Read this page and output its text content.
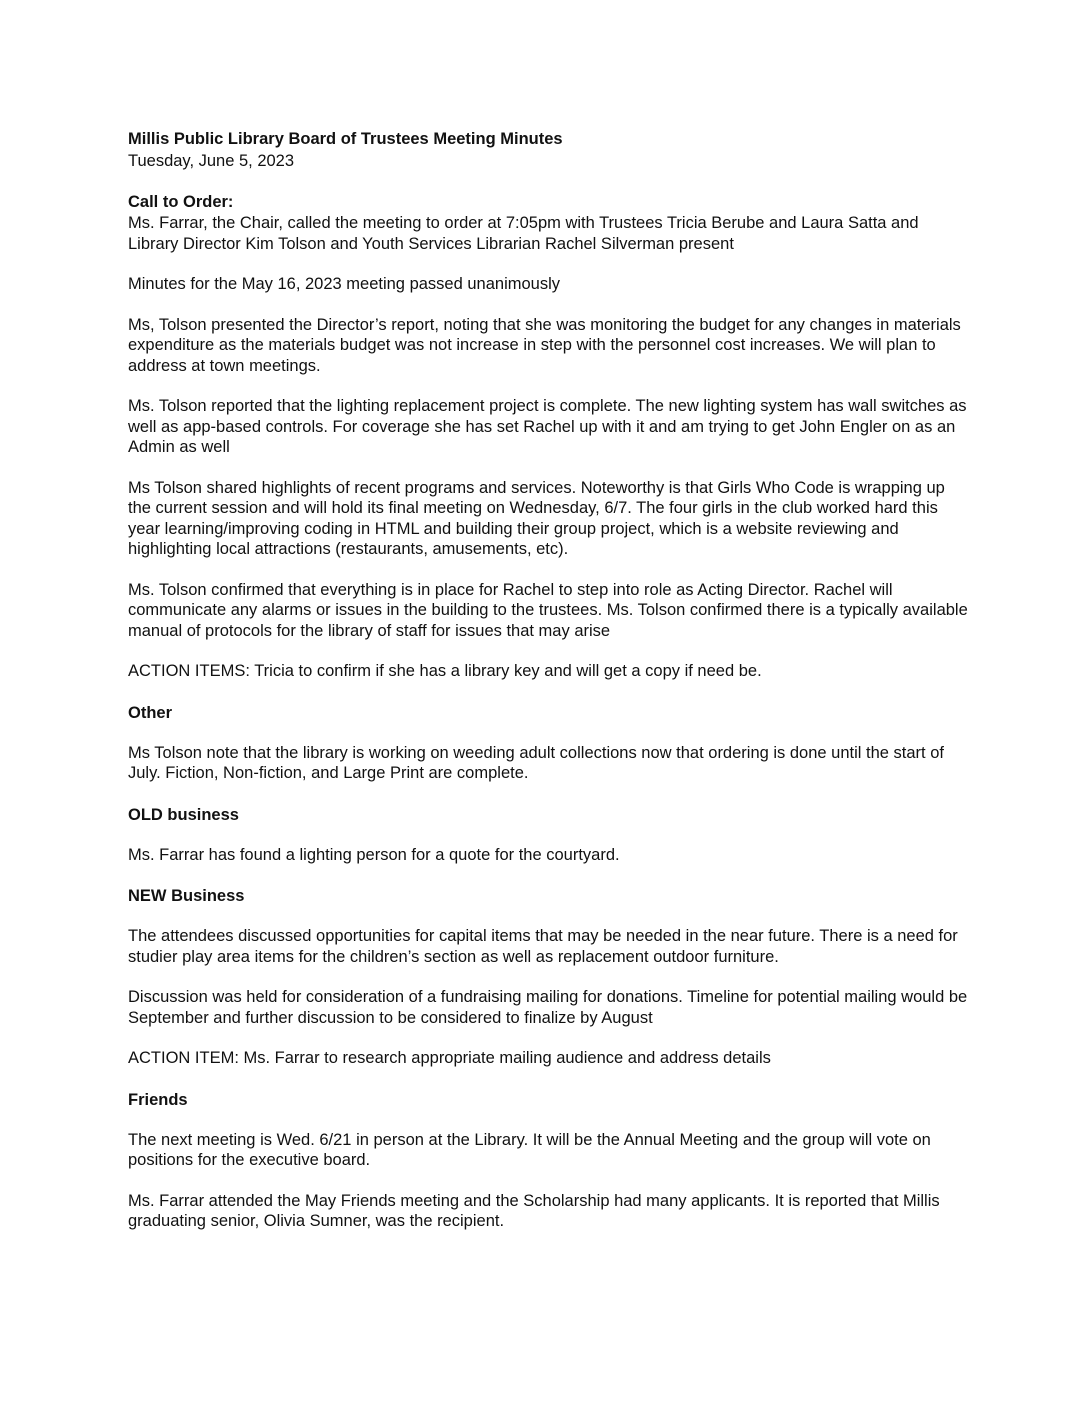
Millis Public Library Board of Trustees Meeting Minutes

Tuesday, June 5, 2023

Call to Order:

Ms. Farrar, the Chair, called the meeting to order at 7:05pm with Trustees Tricia Berube and Laura Satta and Library Director Kim Tolson and Youth Services Librarian Rachel Silverman present

Minutes for the May 16, 2023 meeting passed unanimously

Ms, Tolson presented the Director’s report, noting that she was monitoring the budget for any changes in materials expenditure as the materials budget was not increase in step with the personnel cost increases. We will plan to address at town meetings.

Ms. Tolson reported that the lighting replacement project is complete. The new lighting system has wall switches as well as app-based controls. For coverage she has set Rachel up with it and am trying to get John Engler on as an Admin as well

Ms Tolson shared highlights of recent programs and services. Noteworthy is that Girls Who Code is wrapping up the current session and will hold its final meeting on Wednesday, 6/7. The four girls in the club worked hard this year learning/improving coding in HTML and building their group project, which is a website reviewing and highlighting local attractions (restaurants, amusements, etc).

Ms. Tolson confirmed that everything is in place for Rachel to step into role as Acting Director. Rachel will communicate any alarms or issues in the building to the trustees. Ms. Tolson confirmed there is a typically available manual of protocols for the library of staff for issues that may arise

ACTION ITEMS: Tricia to confirm if she has a library key and will get a copy if need be.

Other

Ms Tolson note that the library is working on weeding adult collections now that ordering is done until the start of July. Fiction, Non-fiction, and Large Print are complete.

OLD business

Ms. Farrar has found a lighting person for a quote for the courtyard.

NEW Business

The attendees discussed opportunities for capital items that may be needed in the near future. There is a need for studier play area items for the children’s section as well as replacement outdoor furniture.

Discussion was held for consideration of a fundraising mailing for donations. Timeline for potential mailing would be September and further discussion to be considered to finalize by August

ACTION ITEM: Ms. Farrar to research appropriate mailing audience and address details

Friends

The next meeting is Wed. 6/21 in person at the Library. It will be the Annual Meeting and the group will vote on positions for the executive board.

Ms. Farrar attended the May Friends meeting and the Scholarship had many applicants. It is reported that Millis graduating senior, Olivia Sumner, was the recipient.
